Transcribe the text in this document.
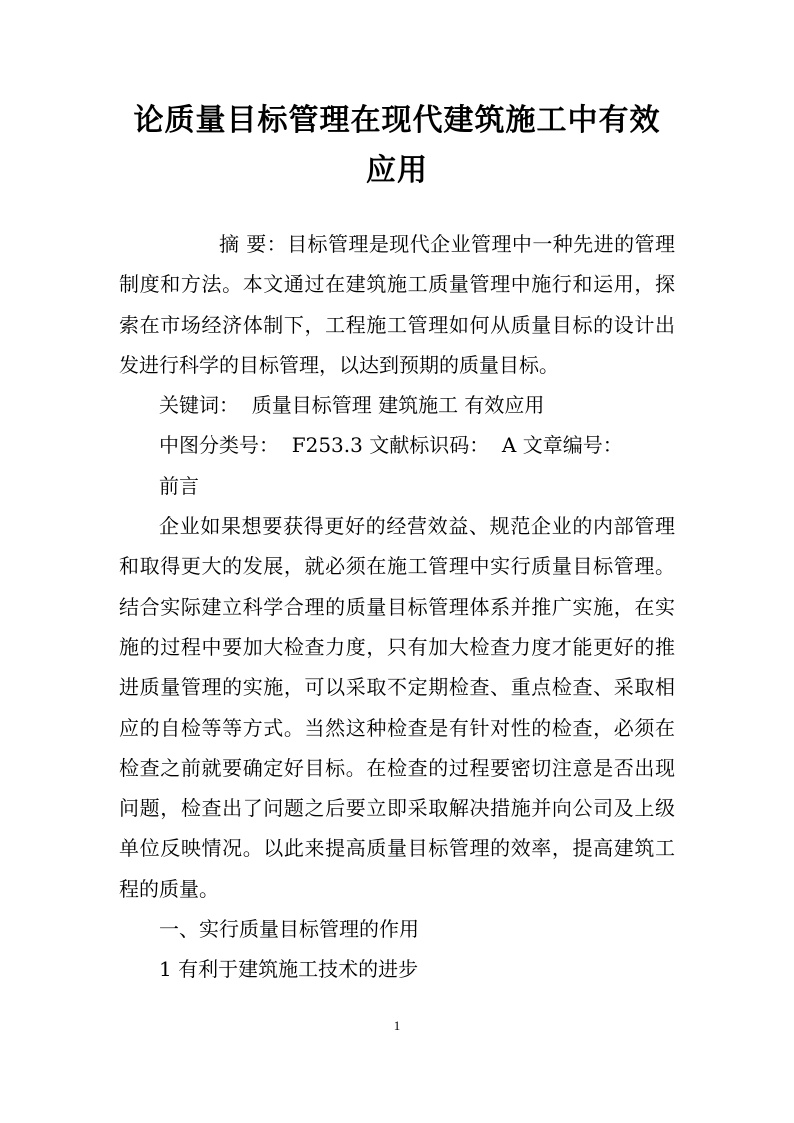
论质量目标管理在现代建筑施工中有效应用

摘 要：目标管理是现代企业管理中一种先进的管理制度和方法。本文通过在建筑施工质量管理中施行和运用，探索在市场经济体制下，工程施工管理如何从质量目标的设计出发进行科学的目标管理，以达到预期的质量目标。

关键词：  质量目标管理 建筑施工 有效应用

中图分类号：  F253.3 文献标识码：  A 文章编号：

前言

企业如果想要获得更好的经营效益、规范企业的内部管理和取得更大的发展，就必须在施工管理中实行质量目标管理。结合实际建立科学合理的质量目标管理体系并推广实施，在实施的过程中要加大检查力度，只有加大检查力度才能更好的推进质量管理的实施，可以采取不定期检查、重点检查、采取相应的自检等等方式。当然这种检查是有针对性的检查，必须在检查之前就要确定好目标。在检查的过程要密切注意是否出现问题，检查出了问题之后要立即采取解决措施并向公司及上级单位反映情况。以此来提高质量目标管理的效率，提高建筑工程的质量。

一、实行质量目标管理的作用

1 有利于建筑施工技术的进步

1
